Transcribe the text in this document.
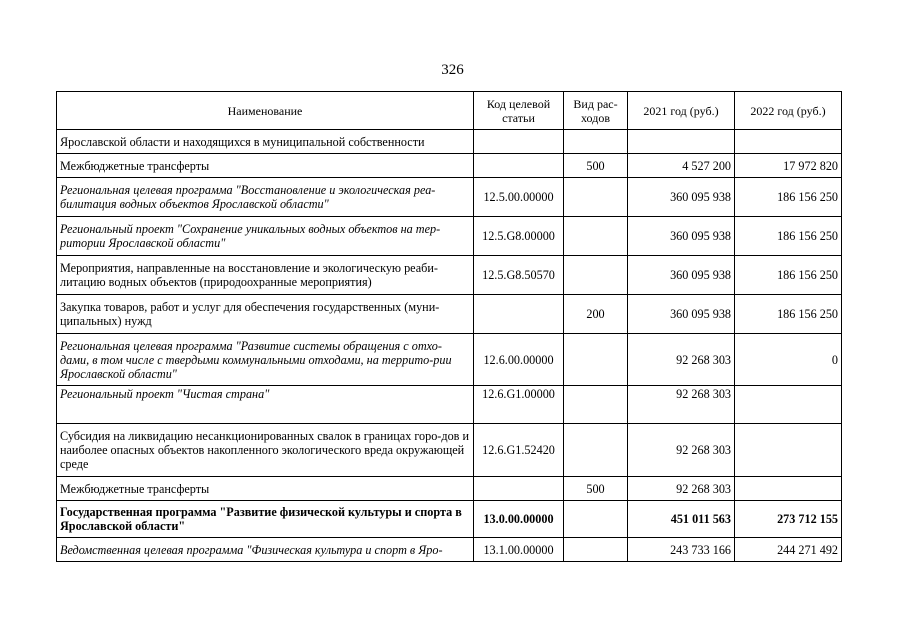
326
Наименование	Код целевой статьи	Вид рас-ходов	2021 год (руб.)	2022 год (руб.)
Ярославской области и находящихся в муниципальной собственности				
Межбюджетные трансферты		500	4 527 200	17 972 820
Региональная целевая программа "Восстановление и экологическая реа-билитация водных объектов Ярославской области"	12.5.00.00000		360 095 938	186 156 250
Региональный проект "Сохранение уникальных водных объектов на тер-ритории Ярославской области"	12.5.G8.00000		360 095 938	186 156 250
Мероприятия, направленные на восстановление и экологическую реаби-литацию водных объектов (природоохранные мероприятия)	12.5.G8.50570		360 095 938	186 156 250
Закупка товаров, работ и услуг для обеспечения государственных (муни-ципальных) нужд		200	360 095 938	186 156 250
Региональная целевая программа "Развитие системы обращения с отхо-дами, в том числе с твердыми коммунальными отходами, на террито-рии Ярославской области"	12.6.00.00000		92 268 303	0
Региональный проект "Чистая страна"	12.6.G1.00000		92 268 303	
Субсидия на ликвидацию несанкционированных свалок в границах горо-дов и наиболее опасных объектов накопленного экологического вреда окружающей среде	12.6.G1.52420		92 268 303	
Межбюджетные трансферты		500	92 268 303	
Государственная программа "Развитие физической культуры и спорта в Ярославской области"	13.0.00.00000		451 011 563	273 712 155
Ведомственная целевая программа "Физическая культура и спорт в Яро-	13.1.00.00000		243 733 166	244 271 492
